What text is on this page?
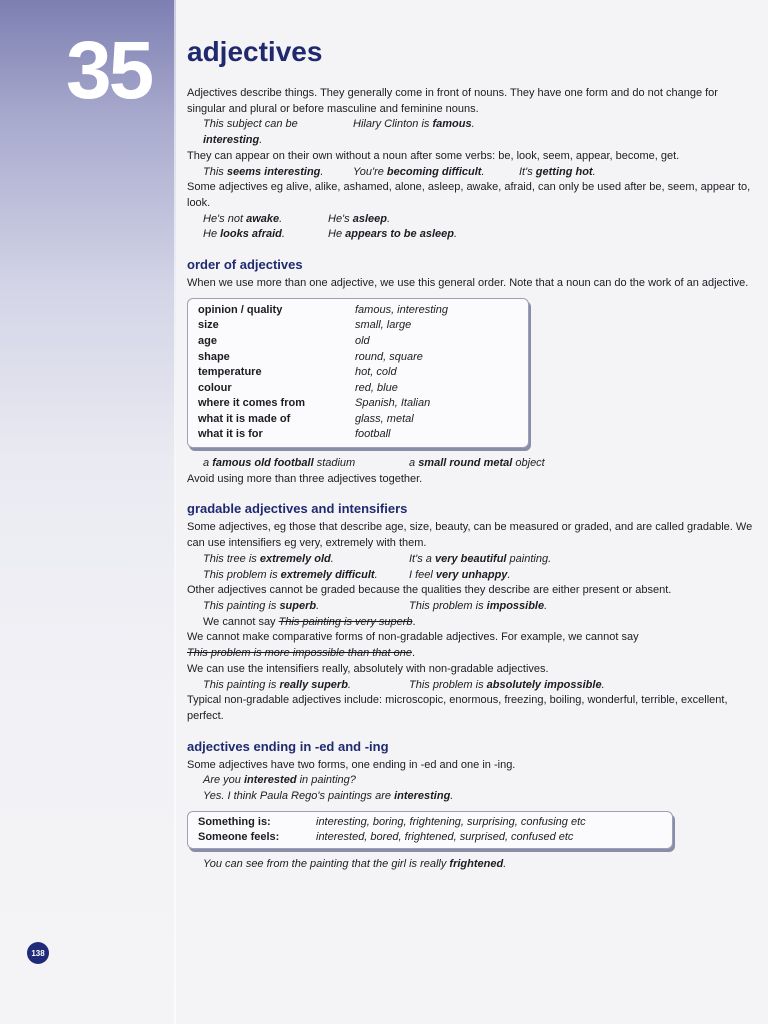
35
138
adjectives

Adjectives describe things. They generally come in front of nouns. They have one form and do not change for singular and plural or before masculine and feminine nouns.

This subject can be interesting.
Hilary Clinton is famous.

They can appear on their own without a noun after some verbs: be, look, seem, appear, become, get.

This seems interesting.	You're becoming difficult.	It's getting hot.

Some adjectives eg alive, alike, ashamed, alone, asleep, awake, afraid, can only be used after be, seem, appear to, look.

He's not awake.	He's asleep.
He looks afraid.	He appears to be asleep.
order of adjectives

When we use more than one adjective, we use this general order. Note that a noun can do the work of an adjective.

opinion / quality	famous, interesting
size	small, large
age	old
shape	round, square
temperature	hot, cold
colour	red, blue
where it comes from	Spanish, Italian
what it is made of	glass, metal
what it is for	football
a famous old football stadium	a small round metal object

Avoid using more than three adjectives together.

gradable adjectives and intensifiers

Some adjectives, eg those that describe age, size, beauty, can be measured or graded, and are called gradable. We can use intensifiers eg very, extremely with them.

This tree is extremely old.	It's a very beautiful painting.
This problem is extremely difficult.	I feel very unhappy.

Other adjectives cannot be graded because the qualities they describe are either present or absent.

This painting is superb.	This problem is impossible.

We cannot say This painting is very superb.

We cannot make comparative forms of non-gradable adjectives. For example, we cannot say

This problem is more impossible than that one.

We can use the intensifiers really, absolutely with non-gradable adjectives.

This painting is really superb.	This problem is absolutely impossible.

Typical non-gradable adjectives include: microscopic, enormous, freezing, boiling, wonderful, terrible, excellent, perfect.

adjectives ending in -ed and -ing

Some adjectives have two forms, one ending in -ed and one in -ing.

Are you interested in painting?

Yes. I think Paula Rego's paintings are interesting.

Something is:	interesting, boring, frightening, surprising, confusing etc
Someone feels:	interested, bored, frightened, surprised, confused etc

You can see from the painting that the girl is really frightened.
